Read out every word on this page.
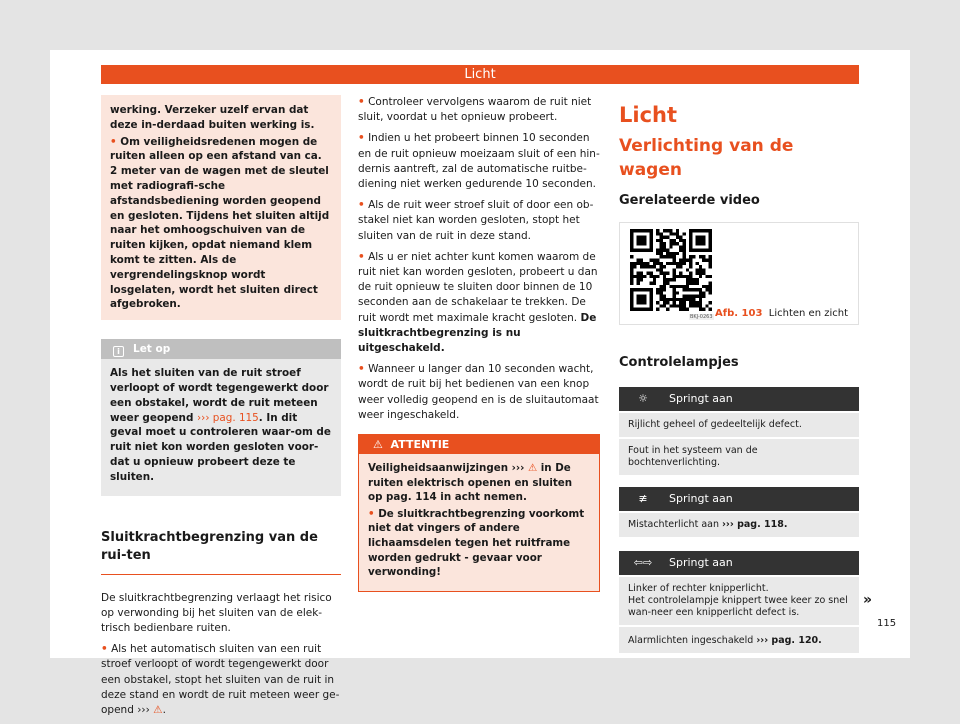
Licht

werking. Verzeker uzelf ervan dat deze in-derdaad buiten werking is.

• Om veiligheidsredenen mogen de ruiten alleen op een afstand van ca. 2 meter van de wagen met de sleutel met radiografi-sche afstandsbediening worden geopend en gesloten. Tijdens het sluiten altijd naar het omhoogschuiven van de ruiten kijken, opdat niemand klem komt te zitten. Als de vergrendelingsknop wordt losgelaten, wordt het sluiten direct afgebroken.

i Let op
Als het sluiten van de ruit stroef verloopt of wordt tegengewerkt door een obstakel, wordt de ruit meteen weer geopend ››› pag. 115. In dit geval moet u controleren waar-om de ruit niet kon worden gesloten voor-dat u opnieuw probeert deze te sluiten.
Sluitkrachtbegrenzing van de rui-ten

De sluitkrachtbegrenzing verlaagt het risico op verwonding bij het sluiten van de elek-trisch bedienbare ruiten.

• Als het automatisch sluiten van een ruit stroef verloopt of wordt tegengewerkt door een obstakel, stopt het sluiten van de ruit in deze stand en wordt de ruit meteen weer ge-opend ››› ⚠.

• Controleer vervolgens waarom de ruit niet sluit, voordat u het opnieuw probeert.

• Indien u het probeert binnen 10 seconden en de ruit opnieuw moeizaam sluit of een hin-dernis aantreft, zal de automatische ruitbe-diening niet werken gedurende 10 seconden.

• Als de ruit weer stroef sluit of door een ob-stakel niet kan worden gesloten, stopt het sluiten van de ruit in deze stand.

• Als u er niet achter kunt komen waarom de ruit niet kan worden gesloten, probeert u dan de ruit opnieuw te sluiten door binnen de 10 seconden aan de schakelaar te trekken. De ruit wordt met maximale kracht gesloten. De sluitkrachtbegrenzing is nu uitgeschakeld.

• Wanneer u langer dan 10 seconden wacht, wordt de ruit bij het bedienen van een knop weer volledig geopend en is de sluitautomaat weer ingeschakeld.

⚠ ATTENTIE

Veiligheidsaanwijzingen ››› ⚠ in De ruiten elektrisch openen en sluiten op pag. 114 in acht nemen.

• De sluitkrachtbegrenzing voorkomt niet dat vingers of andere lichaamsdelen tegen het ruitframe worden gedrukt - gevaar voor verwonding!

Licht
Verlichting van de wagen
Gerelateerde video
BKJ-0263 Afb. 103 Lichten en zicht
Controlelampjes
☼	Springt aan
Rijlicht geheel of gedeeltelijk defect.
Fout in het systeem van de bochtenverlichting.
≢	Springt aan
Mistachterlicht aan ››› pag. 118.
⇦⇨ Springt aan
Linker of rechter knipperlicht.
Het controlelampje knippert twee keer zo snel wan-neer een knipperlicht defect is.
Alarmlichten ingeschakeld ››› pag. 120.
»
115
